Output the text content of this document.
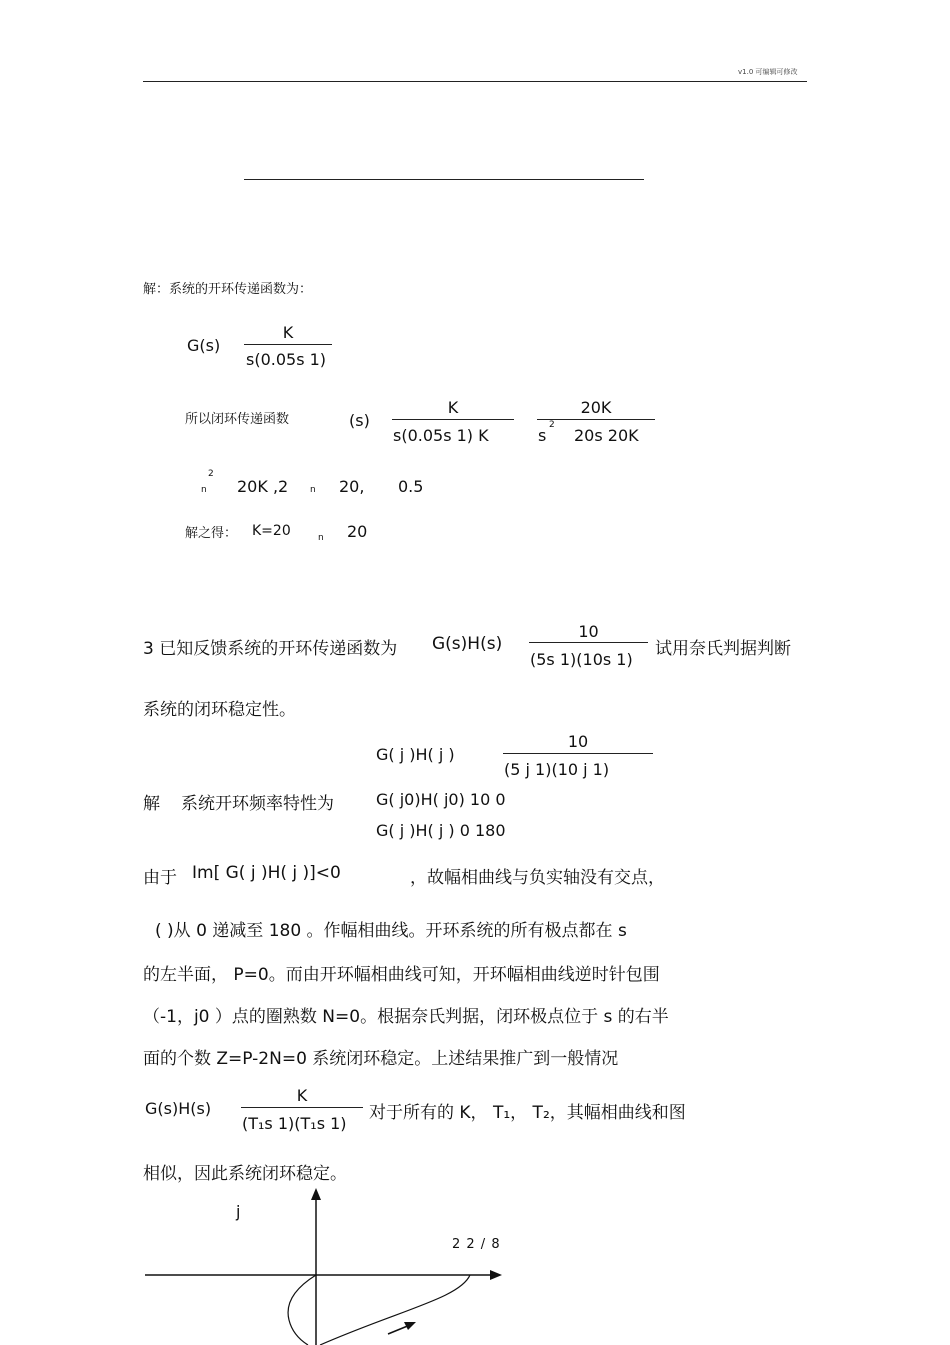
v1.0 可编辑可修改
解：系统的开环传递函数为：
G(s)
K
s(0.05s 1)
所以闭环传递函数	(s)
K
s(0.05s 1) K
20K
s
2
20s 20K
2
n 20K ,2 n 20, 0.5
解之得： K=20	n 20
3 已知反馈系统的开环传递函数为 G(s)H(s)
10
(5s 1)(10s 1)
试用奈氏判据判断
系统的闭环稳定性。
G( j )H( j )
10
(5 j 1)(10 j 1)
解 系统开环频率特性为	G( j0)H( j0) 10 0
G( j )H( j ) 0 180
由于 Im[ G( j )H( j )]<0	，故幅相曲线与负实轴没有交点，
( )从 0 递减至 180 。作幅相曲线。开环系统的所有极点都在 s
的左半面， P=0。而由开环幅相曲线可知，开环幅相曲线逆时针包围
（-1，j0 ）点的圈熟数 N=0。根据奈氏判据，闭环极点位于 s 的右半
面的个数 Z=P-2N=0 系统闭环稳定。上述结果推广到一般情况
G(s)H(s)
K
(T₁s 1)(T₁s 1)
对于所有的 K， T₁， T₂，其幅相曲线和图
相似，因此系统闭环稳定。
j
2 2 / 8
